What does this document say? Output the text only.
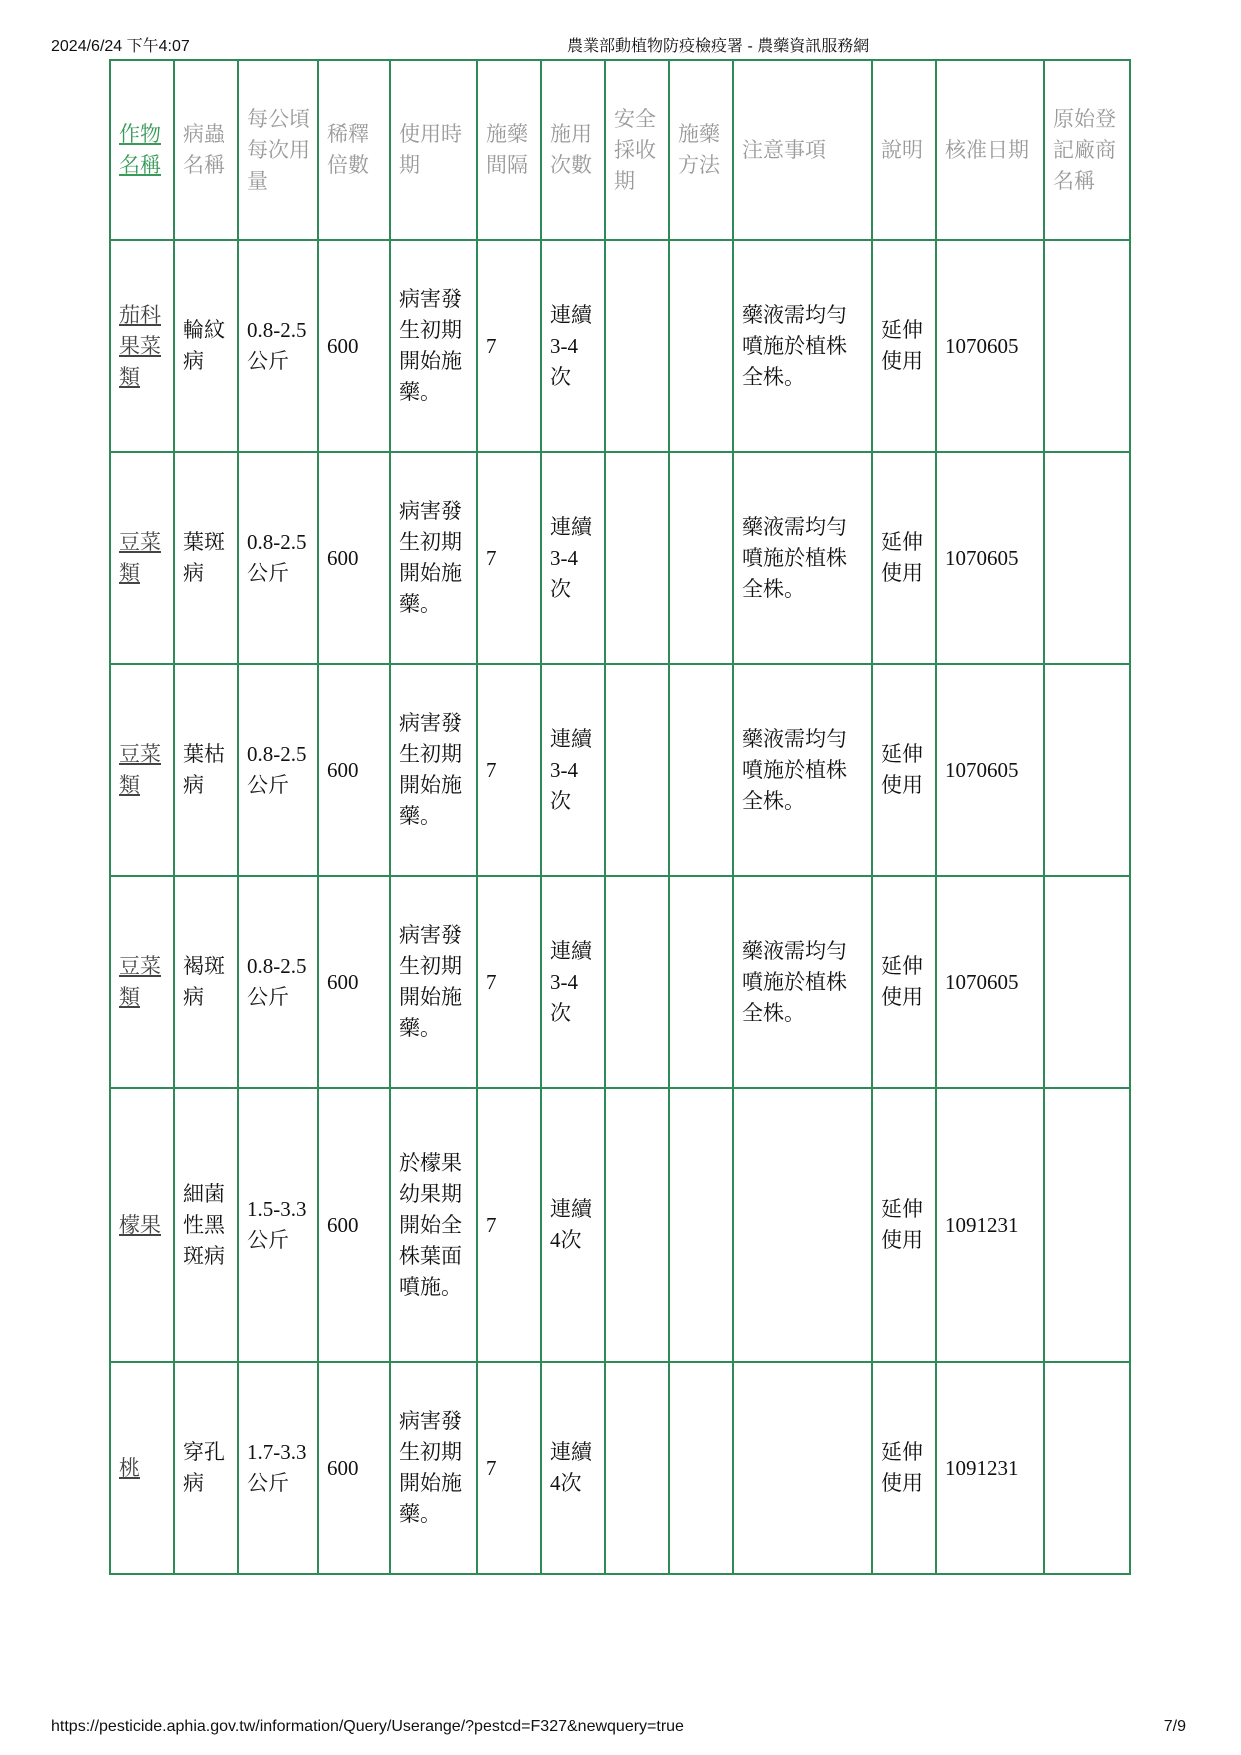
2024/6/24 下午4:07	農業部動植物防疫檢疫署 - 農藥資訊服務網
作物名稱	病蟲名稱	每公頃每次用量	稀釋倍數	使用時期	施藥間隔	施用次數	安全採收期	施藥方法	注意事項	說明	核准日期	原始登記廠商名稱
茄科果菜類	輪紋病	0.8-2.5公斤	600	病害發生初期開始施藥。	7	連續3-4次			藥液需均勻噴施於植株全株。	延伸使用	1070605	
豆菜類	葉斑病	0.8-2.5公斤	600	病害發生初期開始施藥。	7	連續3-4次			藥液需均勻噴施於植株全株。	延伸使用	1070605	
豆菜類	葉枯病	0.8-2.5公斤	600	病害發生初期開始施藥。	7	連續3-4次			藥液需均勻噴施於植株全株。	延伸使用	1070605	
豆菜類	褐斑病	0.8-2.5公斤	600	病害發生初期開始施藥。	7	連續3-4次			藥液需均勻噴施於植株全株。	延伸使用	1070605	
檬果	細菌性黑斑病	1.5-3.3公斤	600	於檬果幼果期開始全株葉面噴施。	7	連續4次				延伸使用	1091231	
桃	穿孔病	1.7-3.3公斤	600	病害發生初期開始施藥。	7	連續4次				延伸使用	1091231	
https://pesticide.aphia.gov.tw/information/Query/Userange/?pestcd=F327&newquery=true	7/9
